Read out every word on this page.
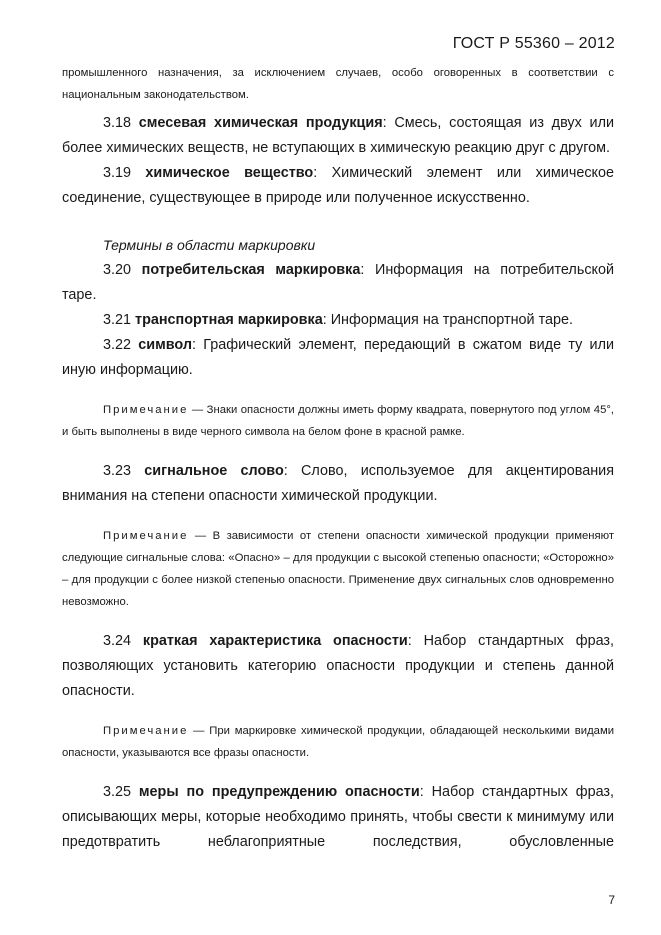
ГОСТ Р 55360 – 2012

промышленного назначения, за исключением случаев, особо оговоренных в соответствии с национальным законодательством.

3.18 смесевая химическая продукция: Смесь, состоящая из двух или более химических веществ, не вступающих в химическую реакцию друг с другом.

3.19 химическое вещество: Химический элемент или химическое соединение, существующее в природе или полученное искусственно.

Термины в области маркировки

3.20 потребительская маркировка: Информация на потребительской таре.

3.21 транспортная маркировка: Информация на транспортной таре.

3.22 символ: Графический элемент, передающий в сжатом виде ту или иную информацию.

Примечание — Знаки опасности должны иметь форму квадрата, повернутого под углом 45°, и быть выполнены в виде черного символа на белом фоне в красной рамке.

3.23 сигнальное слово: Слово, используемое для акцентирования внимания на степени опасности химической продукции.

Примечание — В зависимости от степени опасности химической продукции применяют следующие сигнальные слова: «Опасно» – для продукции с высокой степенью опасности; «Осторожно» – для продукции с более низкой степенью опасности. Применение двух сигнальных слов одновременно невозможно.

3.24 краткая характеристика опасности: Набор стандартных фраз, позволяющих установить категорию опасности продукции и степень данной опасности.

Примечание — При маркировке химической продукции, обладающей несколькими видами опасности, указываются все фразы опасности.

3.25 меры по предупреждению опасности: Набор стандартных фраз, описывающих меры, которые необходимо принять, чтобы свести к минимуму или предотвратить неблагоприятные последствия, обусловленные

7
